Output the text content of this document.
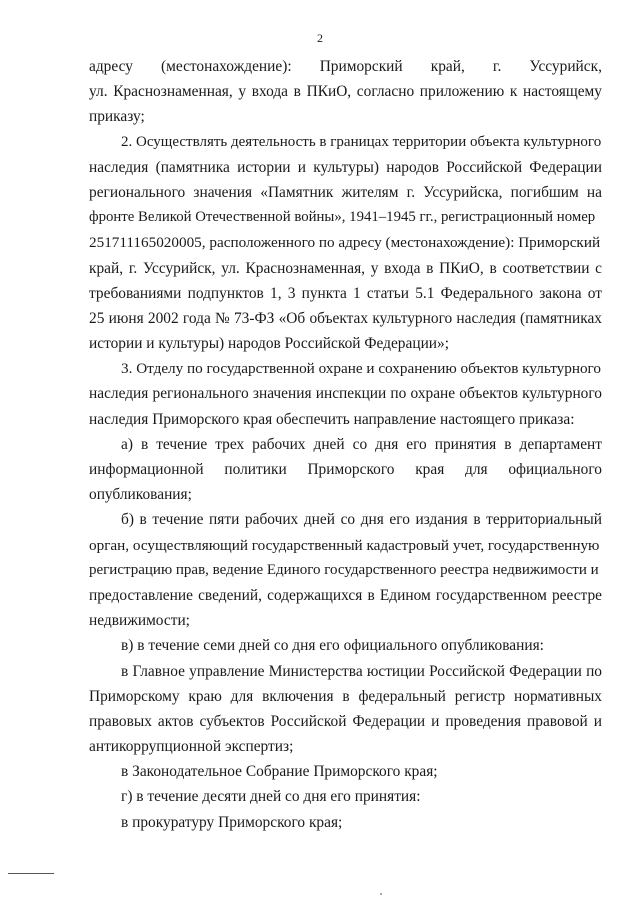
2
адресу (местонахождение): Приморский край, г. Уссурийск,
ул. Краснознаменная, у входа в ПКиО, согласно приложению к настоящему
приказу;
2. Осуществлять деятельность в границах территории объекта культурного
наследия (памятника истории и культуры) народов Российской Федерации
регионального значения «Памятник жителям г. Уссурийска, погибшим на
фронте Великой Отечественной войны», 1941–1945 гг., регистрационный номер
251711165020005, расположенного по адресу (местонахождение): Приморский
край, г. Уссурийск, ул. Краснознаменная, у входа в ПКиО, в соответствии с
требованиями подпунктов 1, 3 пункта 1 статьи 5.1 Федерального закона от
25 июня 2002 года № 73-ФЗ «Об объектах культурного наследия (памятниках
истории и культуры) народов Российской Федерации»;
3. Отделу по государственной охране и сохранению объектов культурного
наследия регионального значения инспекции по охране объектов культурного
наследия Приморского края обеспечить направление настоящего приказа:
а) в течение трех рабочих дней со дня его принятия в департамент
информационной политики Приморского края для официального
опубликования;
б) в течение пяти рабочих дней со дня его издания в территориальный
орган, осуществляющий государственный кадастровый учет, государственную
регистрацию прав, ведение Единого государственного реестра недвижимости и
предоставление сведений, содержащихся в Едином государственном реестре
недвижимости;
в) в течение семи дней со дня его официального опубликования:
в Главное управление Министерства юстиции Российской Федерации по
Приморскому краю для включения в федеральный регистр нормативных
правовых актов субъектов Российской Федерации и проведения правовой и
антикоррупционной экспертиз;
в Законодательное Собрание Приморского края;
г) в течение десяти дней со дня его принятия:
в прокуратуру Приморского края;
